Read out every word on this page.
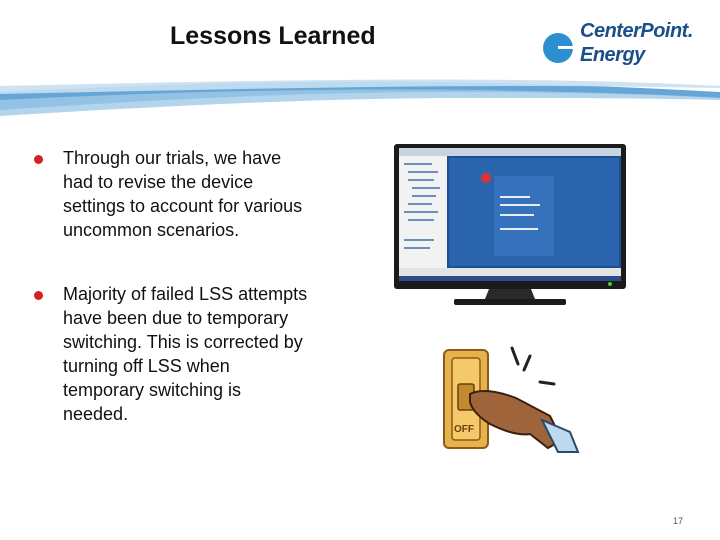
Lessons Learned	CenterPoint.
Energy
Through our trials, we have had to revise the device settings to account for various uncommon scenarios.
Majority of failed LSS attempts have been due to temporary switching. This is corrected by turning off LSS when temporary switching is needed.
OFF
17
